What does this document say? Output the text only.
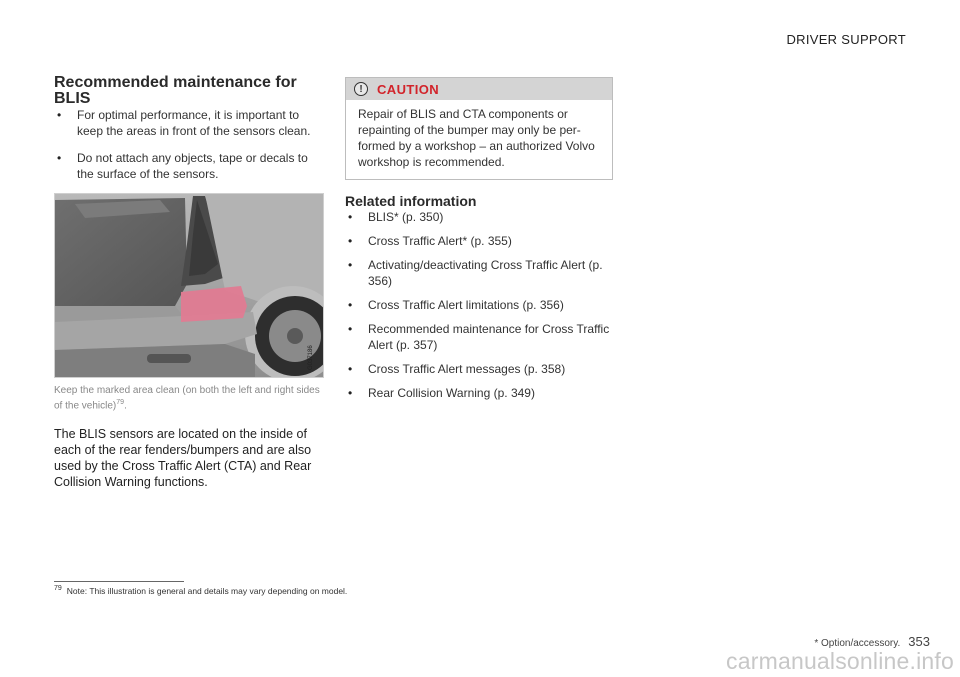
DRIVER SUPPORT
Recommended maintenance for
BLIS
• For optimal performance, it is important to keep the areas in front of the sensors clean.
• Do not attach any objects, tape or decals to the surface of the sensors.
G037186
Keep the marked area clean (on both the left and right sides of the vehicle)$^{79}$.
The BLIS sensors are located on the inside of each of the rear fenders/bumpers and are also used by the Cross Traffic Alert (CTA) and Rear Collision Warning functions.
!	CAUTION
Repair of BLIS and CTA components or repainting of the bumper may only be per-formed by a workshop – an authorized Volvo workshop is recommended.
Related information
• BLIS* (p. 350)
• Cross Traffic Alert* (p. 355)
• Activating/deactivating Cross Traffic Alert (p. 356)
• Cross Traffic Alert limitations (p. 356)
• Recommended maintenance for Cross Traffic Alert (p. 357)
• Cross Traffic Alert messages (p. 358)
• Rear Collision Warning (p. 349)
$^{79}$ Note: This illustration is general and details may vary depending on model.
* Option/accessory. 353
carmanualsonline.info
